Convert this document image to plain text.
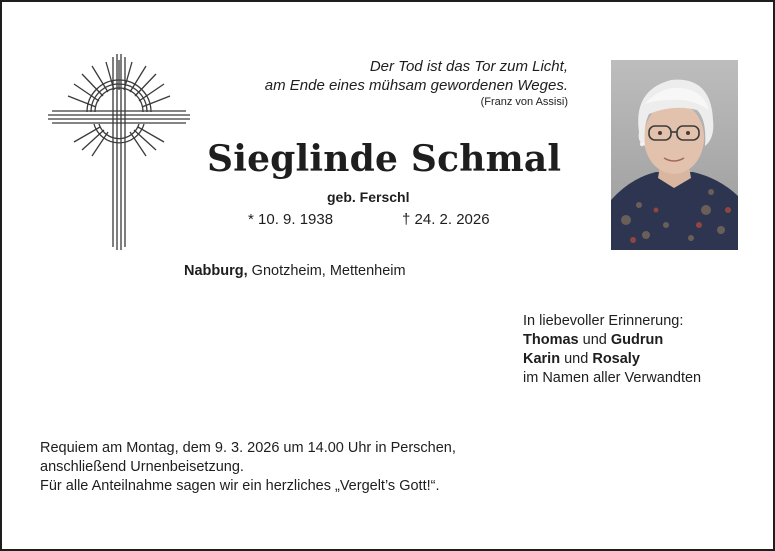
Der Tod ist das Tor zum Licht,
am Ende eines mühsam gewordenen Weges.
(Franz von Assisi)
Sieglinde Schmal
geb. Ferschl
* 10. 9. 1938	† 24. 2. 2026
Nabburg, Gnotzheim, Mettenheim
In liebevoller Erinnerung:
Thomas und Gudrun
Karin und Rosaly
im Namen aller Verwandten
Requiem am Montag, dem 9. 3. 2026 um 14.00 Uhr in Perschen,
anschließend Urnenbeisetzung.
Für alle Anteilnahme sagen wir ein herzliches „Vergelt’s Gott!“.
